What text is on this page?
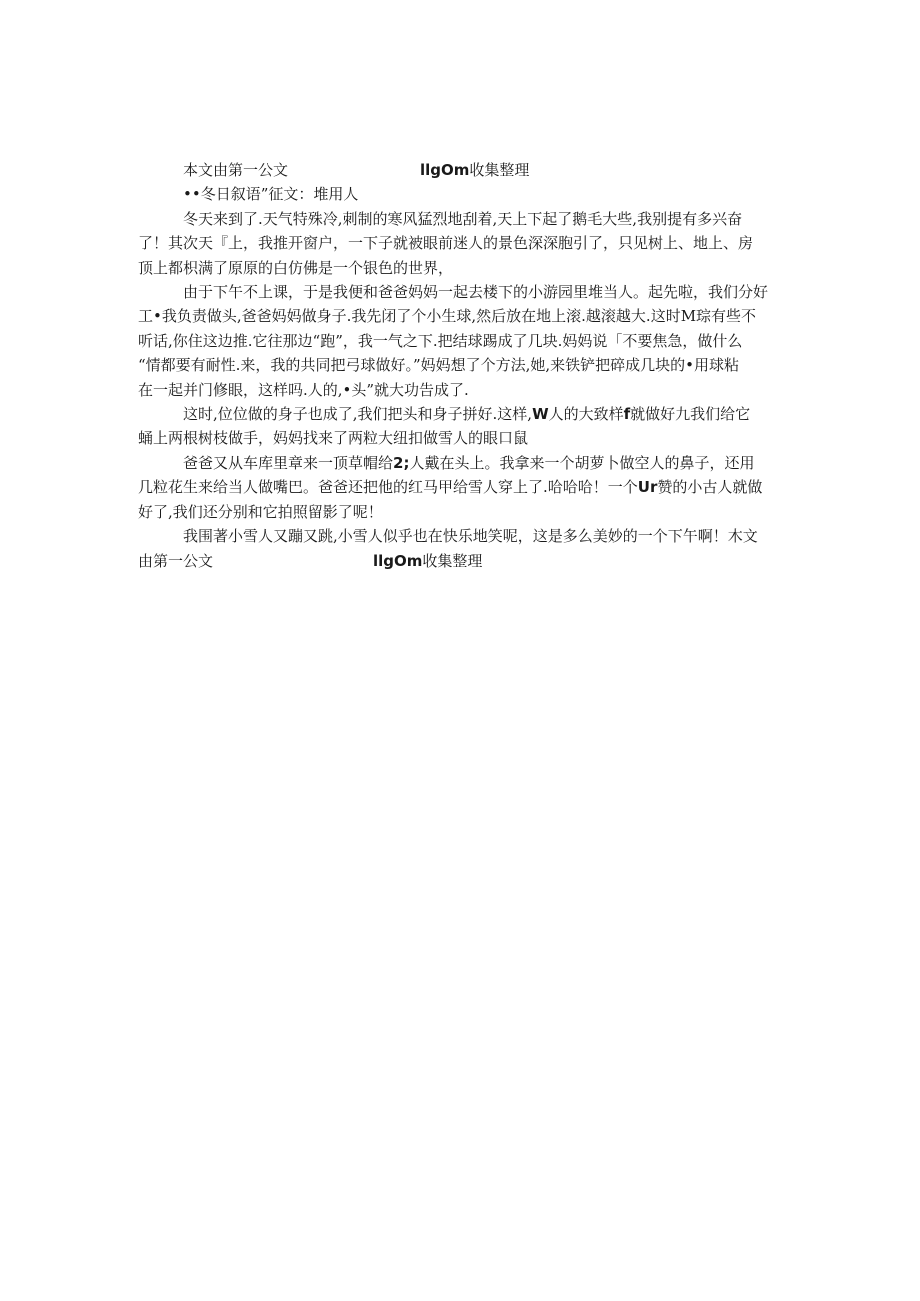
本文由第一公文	llgOm收集整理
••冬日叙语”征文：堆用人
冬天来到了.天气特殊冷,刺制的寒风猛烈地刮着,天上下起了鹅毛大些,我别提有多兴奋
了！其次天『上，我推开窗户，一下子就被眼前迷人的景色深深胞引了，只见树上、地上、房
顶上都枳满了原原的白仿佛是一个银色的世界，
由于下午不上课，于是我便和爸爸妈妈一起去楼下的小游园里堆当人。起先啦，我们分好
工•我负责做头,爸爸妈妈做身子.我先闭了个小生球,然后放在地上滚.越滚越大.这时M琮有些不
听话,你住这边推.它往那边“跑”，我一气之下.把结球踢成了几块.妈妈说「不要焦急，做什么
“情都要有耐性.来，我的共同把弓球做好。”妈妈想了个方法,她,来铁铲把碎成几块的•用球粘
在一起并门修眼，这样吗.人的,•头”就大功告成了.
这时,位位做的身子也成了,我们把头和身子拼好.这样,W人的大致样f就做好九我们给它
蛹上两根树枝做手，妈妈找来了两粒大纽扣做雪人的眼口鼠
爸爸又从车库里章来一顶草帽给2;人戴在头上。我拿来一个胡萝卜做空人的鼻子，还用
几粒花生来给当人做嘴巴。爸爸还把他的红马甲给雪人穿上了.哈哈哈！一个Ur赞的小古人就做
好了,我们还分别和它拍照留影了呢！
我围著小雪人又蹦又跳,小雪人似乎也在快乐地笑呢，这是多么美妙的一个下午啊！木文
由第一公文	llgOm收集整理
